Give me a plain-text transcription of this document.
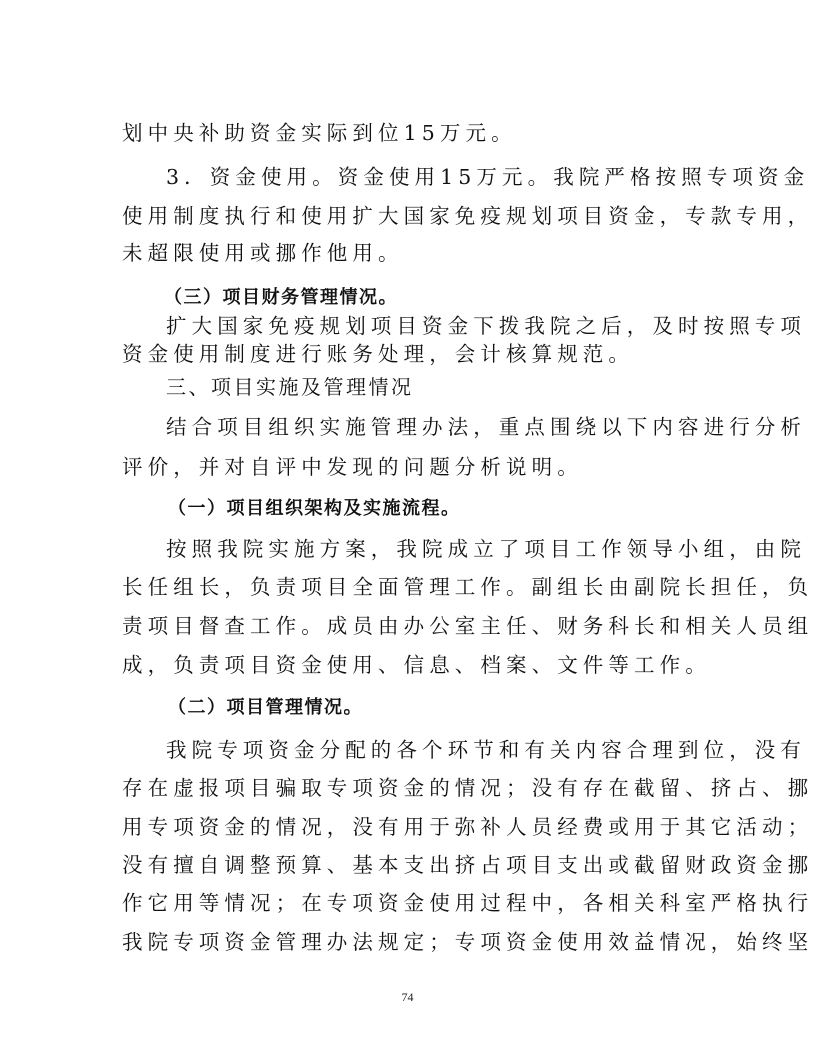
划中央补助资金实际到位15万元。
3．资金使用。资金使用15万元。我院严格按照专项资金
使用制度执行和使用扩大国家免疫规划项目资金，专款专用，
未超限使用或挪作他用。
（三）项目财务管理情况。
扩大国家免疫规划项目资金下拨我院之后，及时按照专项
资金使用制度进行账务处理，会计核算规范。
三、项目实施及管理情况
结合项目组织实施管理办法，重点围绕以下内容进行分析
评价，并对自评中发现的问题分析说明。
（一）项目组织架构及实施流程。
按照我院实施方案，我院成立了项目工作领导小组，由院
长任组长，负责项目全面管理工作。副组长由副院长担任，负
责项目督查工作。成员由办公室主任、财务科长和相关人员组
成，负责项目资金使用、信息、档案、文件等工作。
（二）项目管理情况。
我院专项资金分配的各个环节和有关内容合理到位，没有
存在虚报项目骗取专项资金的情况；没有存在截留、挤占、挪
用专项资金的情况，没有用于弥补人员经费或用于其它活动；
没有擅自调整预算、基本支出挤占项目支出或截留财政资金挪
作它用等情况；在专项资金使用过程中，各相关科室严格执行
我院专项资金管理办法规定；专项资金使用效益情况，始终坚
74
